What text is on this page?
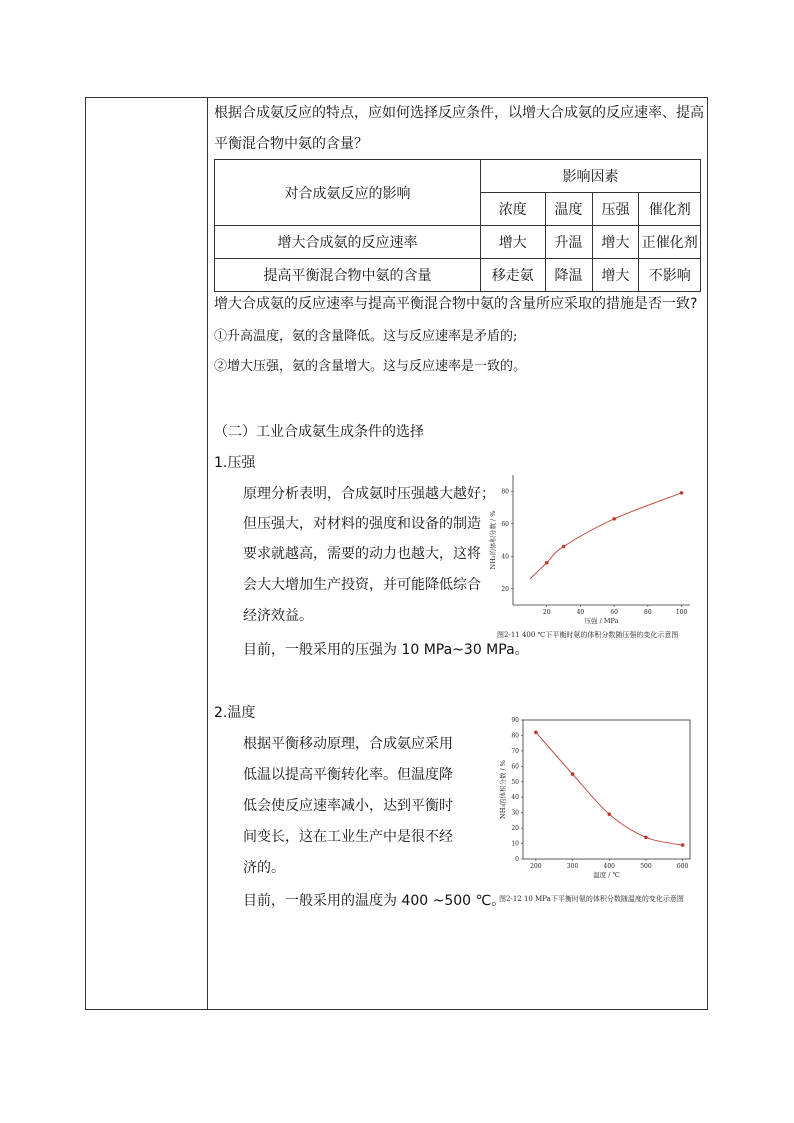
根据合成氨反应的特点，应如何选择反应条件，以增大合成氨的反应速率、提高
平衡混合物中氨的含量？
对合成氨反应的影响	影响因素			
	浓度	温度	压强	催化剂
增大合成氨的反应速率	增大	升温	增大	正催化剂
提高平衡混合物中氨的含量	移走氨	降温	增大	不影响
增大合成氨的反应速率与提高平衡混合物中氨的含量所应采取的措施是否一致?
①升高温度，氨的含量降低。这与反应速率是矛盾的;
②增大压强，氨的含量增大。这与反应速率是一致的。
（二）工业合成氨生成条件的选择
1.压强
原理分析表明，合成氨时压强越大越好；
但压强大，对材料的强度和设备的制造
要求就越高，需要的动力也越大，这将
会大大增加生产投资，并可能降低综合
经济效益。
目前，一般采用的压强为 10 MPa~30 MPa。
20	40	60	80	100
20
40
60
80
压强 / MPa
NH₃的体积分数 / %
图2-11 400 ℃下平衡时氨的体积分数随压强的变化示意图
2.温度
根据平衡移动原理，合成氨应采用
低温以提高平衡转化率。但温度降
低会使反应速率减小，达到平衡时
间变长，这在工业生产中是很不经
济的。
目前，一般采用的温度为 400 ~500 ℃。
200	300	400	500	600
0
10
20
30
40
50
60
70
80
90
温度 / ℃
NH₃的体积分数 / %
图2-12 10 MPa下平衡时氨的体积分数随温度的变化示意图
